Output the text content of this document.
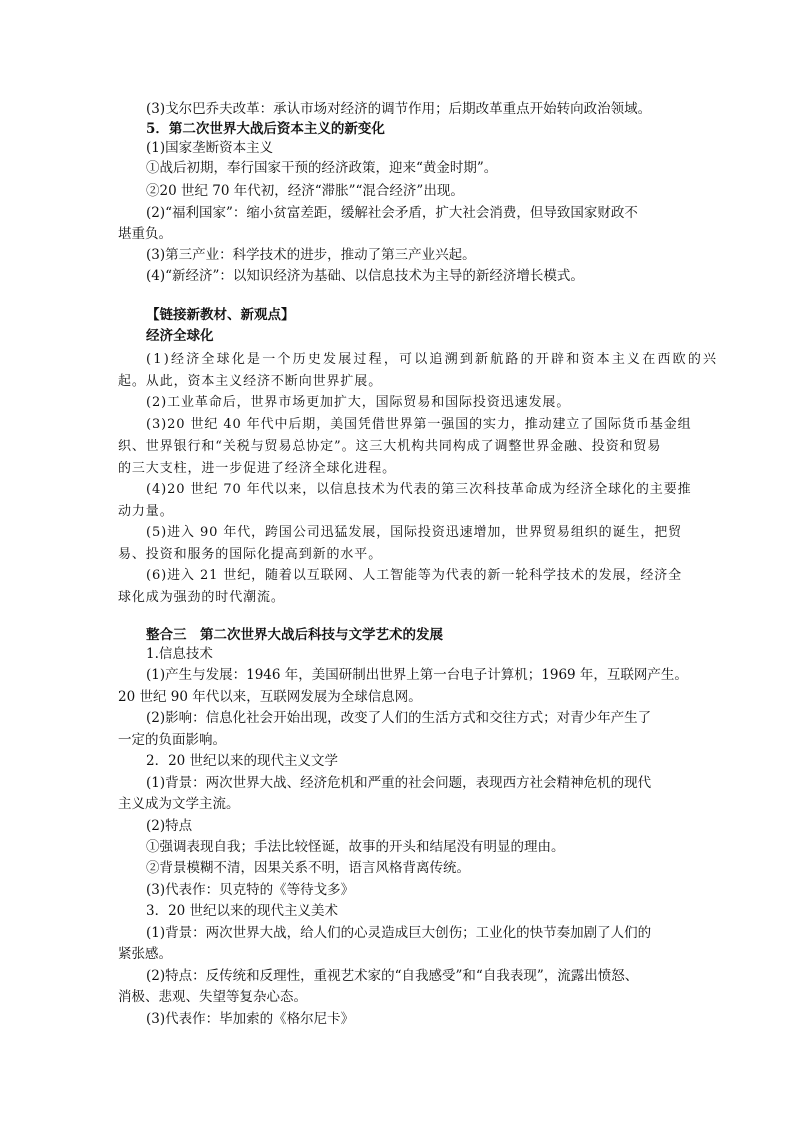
(3)戈尔巴乔夫改革：承认市场对经济的调节作用；后期改革重点开始转向政治领域。
5．第二次世界大战后资本主义的新变化
(1)国家垄断资本主义
①战后初期，奉行国家干预的经济政策，迎来“黄金时期”。
②20 世纪 70 年代初，经济“滞胀”“混合经济”出现。
(2)“福利国家”：缩小贫富差距，缓解社会矛盾，扩大社会消费，但导致国家财政不
堪重负。
(3)第三产业：科学技术的进步，推动了第三产业兴起。
(4)“新经济”：以知识经济为基础、以信息技术为主导的新经济增长模式。
【链接新教材、新观点】
经济全球化
(1)经济全球化是一个历史发展过程，可以追溯到新航路的开辟和资本主义在西欧的兴
起。从此，资本主义经济不断向世界扩展。
(2)工业革命后，世界市场更加扩大，国际贸易和国际投资迅速发展。
(3)20 世纪 40 年代中后期，美国凭借世界第一强国的实力，推动建立了国际货币基金组
织、世界银行和“关税与贸易总协定”。这三大机构共同构成了调整世界金融、投资和贸易
的三大支柱，进一步促进了经济全球化进程。
(4)20 世纪 70 年代以来，以信息技术为代表的第三次科技革命成为经济全球化的主要推
动力量。
(5)进入 90 年代，跨国公司迅猛发展，国际投资迅速增加，世界贸易组织的诞生，把贸
易、投资和服务的国际化提高到新的水平。
(6)进入 21 世纪，随着以互联网、人工智能等为代表的新一轮科学技术的发展，经济全
球化成为强劲的时代潮流。
整合三　第二次世界大战后科技与文学艺术的发展
1.信息技术
(1)产生与发展：1946 年，美国研制出世界上第一台电子计算机；1969 年，互联网产生。
20 世纪 90 年代以来，互联网发展为全球信息网。
(2)影响：信息化社会开始出现，改变了人们的生活方式和交往方式；对青少年产生了
一定的负面影响。
2．20 世纪以来的现代主义文学
(1)背景：两次世界大战、经济危机和严重的社会问题，表现西方社会精神危机的现代
主义成为文学主流。
(2)特点
①强调表现自我；手法比较怪诞，故事的开头和结尾没有明显的理由。
②背景模糊不清，因果关系不明，语言风格背离传统。
(3)代表作：贝克特的《等待戈多》
3．20 世纪以来的现代主义美术
(1)背景：两次世界大战，给人们的心灵造成巨大创伤；工业化的快节奏加剧了人们的
紧张感。
(2)特点：反传统和反理性，重视艺术家的“自我感受”和“自我表现”，流露出愤怒、
消极、悲观、失望等复杂心态。
(3)代表作：毕加索的《格尔尼卡》
